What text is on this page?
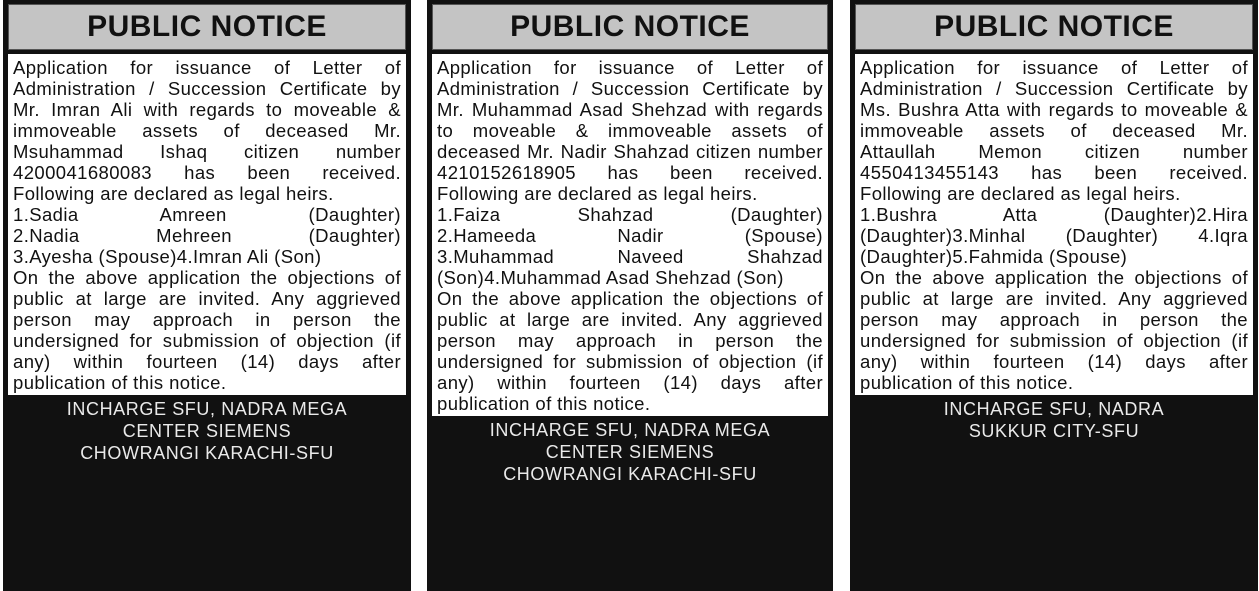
PUBLIC NOTICE
Application for issuance of Letter of Administration / Succession Certificate by Mr. Imran Ali with regards to moveable & immoveable assets of deceased Mr. Msuhammad Ishaq citizen number 4200041680083 has been received. Following are declared as legal heirs.
1.Sadia Amreen (Daughter)
2.Nadia Mehreen (Daughter)
3.Ayesha (Spouse)4.Imran Ali (Son)
On the above application the objections of public at large are invited. Any aggrieved person may approach in person the undersigned for submission of objection (if any) within fourteen (14) days after publication of this notice.
INCHARGE SFU, NADRA MEGA
CENTER SIEMENS
CHOWRANGI KARACHI-SFU
PUBLIC NOTICE
Application for issuance of Letter of Administration / Succession Certificate by Mr. Muhammad Asad Shehzad with regards to moveable & immoveable assets of deceased Mr. Nadir Shahzad citizen number 4210152618905 has been received. Following are declared as legal heirs.
1.Faiza Shahzad (Daughter)
2.Hameeda Nadir (Spouse)
3.Muhammad Naveed Shahzad (Son)4.Muhammad Asad Shehzad (Son)
On the above application the objections of public at large are invited. Any aggrieved person may approach in person the undersigned for submission of objection (if any) within fourteen (14) days after publication of this notice.
INCHARGE SFU, NADRA MEGA
CENTER SIEMENS
CHOWRANGI KARACHI-SFU
PUBLIC NOTICE
Application for issuance of Letter of Administration / Succession Certificate by Ms. Bushra Atta with regards to moveable & immoveable assets of deceased Mr. Attaullah Memon citizen number 4550413455143 has been received. Following are declared as legal heirs.
1.Bushra Atta (Daughter)2.Hira (Daughter)3.Minhal (Daughter) 4.Iqra (Daughter)5.Fahmida (Spouse)
On the above application the objections of public at large are invited. Any aggrieved person may approach in person the undersigned for submission of objection (if any) within fourteen (14) days after publication of this notice.
INCHARGE SFU, NADRA
SUKKUR CITY-SFU
